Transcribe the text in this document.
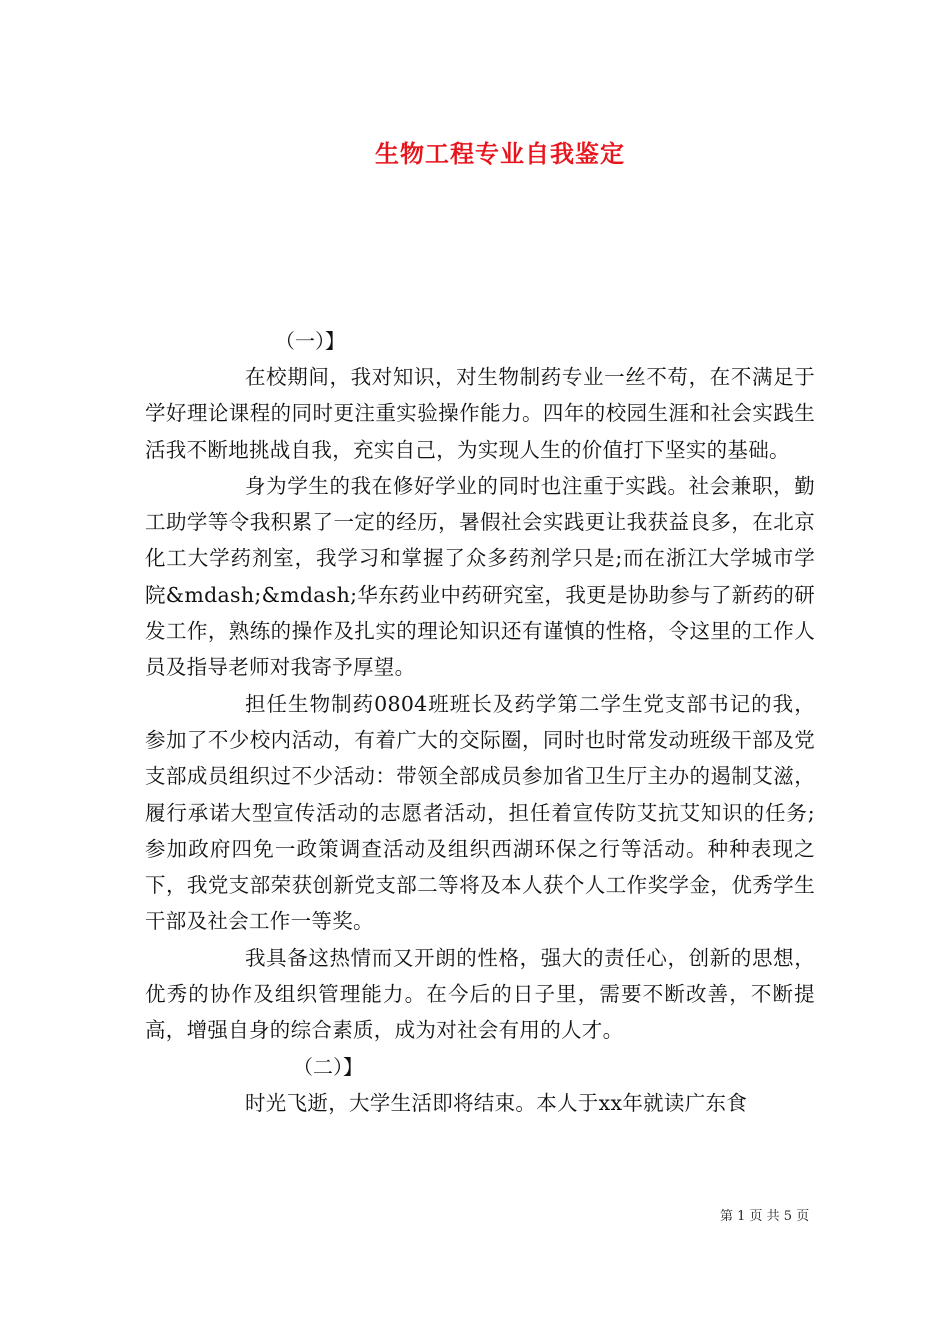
生物工程专业自我鉴定
（一）】

在校期间，我对知识，对生物制药专业一丝不苟，在不满足于学好理论课程的同时更注重实验操作能力。四年的校园生涯和社会实践生活我不断地挑战自我，充实自己，为实现人生的价值打下坚实的基础。

身为学生的我在修好学业的同时也注重于实践。社会兼职，勤工助学等令我积累了一定的经历，暑假社会实践更让我获益良多，在北京化工大学药剂室，我学习和掌握了众多药剂学只是;而在浙江大学城市学院&mdash;&mdash;华东药业中药研究室，我更是协助参与了新药的研发工作，熟练的操作及扎实的理论知识还有谨慎的性格，令这里的工作人员及指导老师对我寄予厚望。

担任生物制药0804班班长及药学第二学生党支部书记的我，参加了不少校内活动，有着广大的交际圈，同时也时常发动班级干部及党支部成员组织过不少活动：带领全部成员参加省卫生厅主办的遏制艾滋，履行承诺大型宣传活动的志愿者活动，担任着宣传防艾抗艾知识的任务;参加政府四免一政策调查活动及组织西湖环保之行等活动。种种表现之下，我党支部荣获创新党支部二等将及本人获个人工作奖学金，优秀学生干部及社会工作一等奖。

我具备这热情而又开朗的性格，强大的责任心，创新的思想，优秀的协作及组织管理能力。在今后的日子里，需要不断改善，不断提高，增强自身的综合素质，成为对社会有用的人才。

（二）】

时光飞逝，大学生活即将结束。本人于xx年就读广东食

第 1 页 共 5 页
